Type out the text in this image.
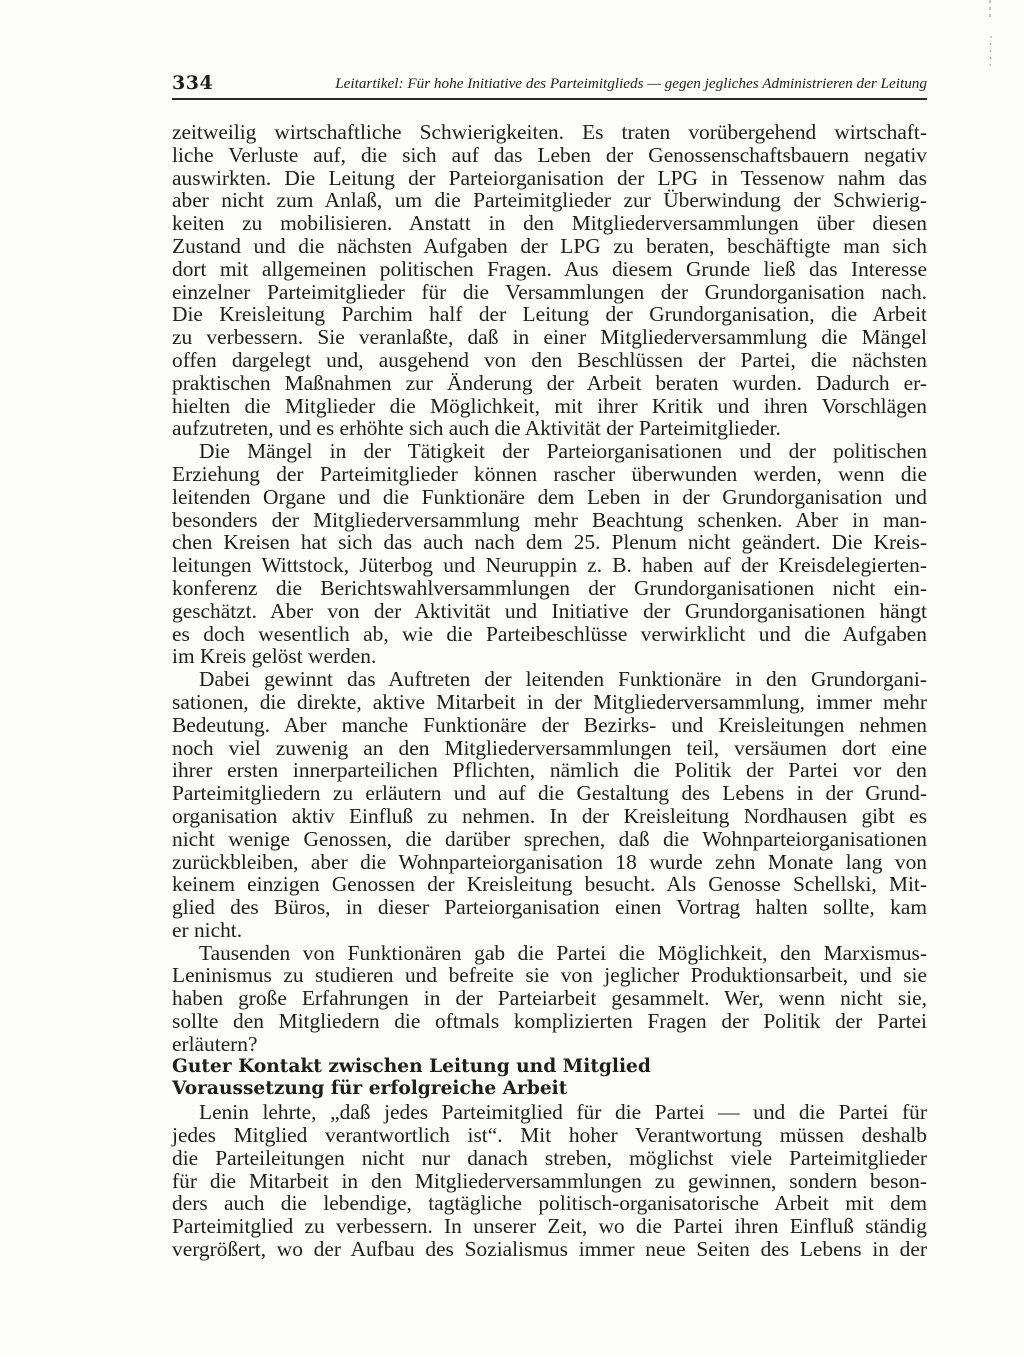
334	Leitartikel: Für hohe Initiative des Parteimitglieds — gegen jegliches Administrieren der Leitung
zeitweilig wirtschaftliche Schwierigkeiten. Es traten vorübergehend wirtschaft-
liche Verluste auf, die sich auf das Leben der Genossenschaftsbauern negativ
auswirkten. Die Leitung der Parteiorganisation der LPG in Tessenow nahm das
aber nicht zum Anlaß, um die Parteimitglieder zur Überwindung der Schwierig-
keiten zu mobilisieren. Anstatt in den Mitgliederversammlungen über diesen
Zustand und die nächsten Aufgaben der LPG zu beraten, beschäftigte man sich
dort mit allgemeinen politischen Fragen. Aus diesem Grunde ließ das Interesse
einzelner Parteimitglieder für die Versammlungen der Grundorganisation nach.
Die Kreisleitung Parchim half der Leitung der Grundorganisation, die Arbeit
zu verbessern. Sie veranlaßte, daß in einer Mitgliederversammlung die Mängel
offen dargelegt und, ausgehend von den Beschlüssen der Partei, die nächsten
praktischen Maßnahmen zur Änderung der Arbeit beraten wurden. Dadurch er-
hielten die Mitglieder die Möglichkeit, mit ihrer Kritik und ihren Vorschlägen
aufzutreten, und es erhöhte sich auch die Aktivität der Parteimitglieder.
Die Mängel in der Tätigkeit der Parteiorganisationen und der politischen
Erziehung der Parteimitglieder können rascher überwunden werden, wenn die
leitenden Organe und die Funktionäre dem Leben in der Grundorganisation und
besonders der Mitgliederversammlung mehr Beachtung schenken. Aber in man-
chen Kreisen hat sich das auch nach dem 25. Plenum nicht geändert. Die Kreis-
leitungen Wittstock, Jüterbog und Neuruppin z. B. haben auf der Kreisdelegierten-
konferenz die Berichtswahlversammlungen der Grundorganisationen nicht ein-
geschätzt. Aber von der Aktivität und Initiative der Grundorganisationen hängt
es doch wesentlich ab, wie die Parteibeschlüsse verwirklicht und die Aufgaben
im Kreis gelöst werden.
Dabei gewinnt das Auftreten der leitenden Funktionäre in den Grundorgani-
sationen, die direkte, aktive Mitarbeit in der Mitgliederversammlung, immer mehr
Bedeutung. Aber manche Funktionäre der Bezirks- und Kreisleitungen nehmen
noch viel zuwenig an den Mitgliederversammlungen teil, versäumen dort eine
ihrer ersten innerparteilichen Pflichten, nämlich die Politik der Partei vor den
Parteimitgliedern zu erläutern und auf die Gestaltung des Lebens in der Grund-
organisation aktiv Einfluß zu nehmen. In der Kreisleitung Nordhausen gibt es
nicht wenige Genossen, die darüber sprechen, daß die Wohnparteiorganisationen
zurückbleiben, aber die Wohnparteiorganisation 18 wurde zehn Monate lang von
keinem einzigen Genossen der Kreisleitung besucht. Als Genosse Schellski, Mit-
glied des Büros, in dieser Parteiorganisation einen Vortrag halten sollte, kam
er nicht.
Tausenden von Funktionären gab die Partei die Möglichkeit, den Marxismus-
Leninismus zu studieren und befreite sie von jeglicher Produktionsarbeit, und sie
haben große Erfahrungen in der Parteiarbeit gesammelt. Wer, wenn nicht sie,
sollte den Mitgliedern die oftmals komplizierten Fragen der Politik der Partei
erläutern?
Guter Kontakt zwischen Leitung und Mitglied
Voraussetzung für erfolgreiche Arbeit
Lenin lehrte, „daß jedes Parteimitglied für die Partei — und die Partei für
jedes Mitglied verantwortlich ist“. Mit hoher Verantwortung müssen deshalb
die Parteileitungen nicht nur danach streben, möglichst viele Parteimitglieder
für die Mitarbeit in den Mitgliederversammlungen zu gewinnen, sondern beson-
ders auch die lebendige, tagtägliche politisch-organisatorische Arbeit mit dem
Parteimitglied zu verbessern. In unserer Zeit, wo die Partei ihren Einfluß ständig
vergrößert, wo der Aufbau des Sozialismus immer neue Seiten des Lebens in der
